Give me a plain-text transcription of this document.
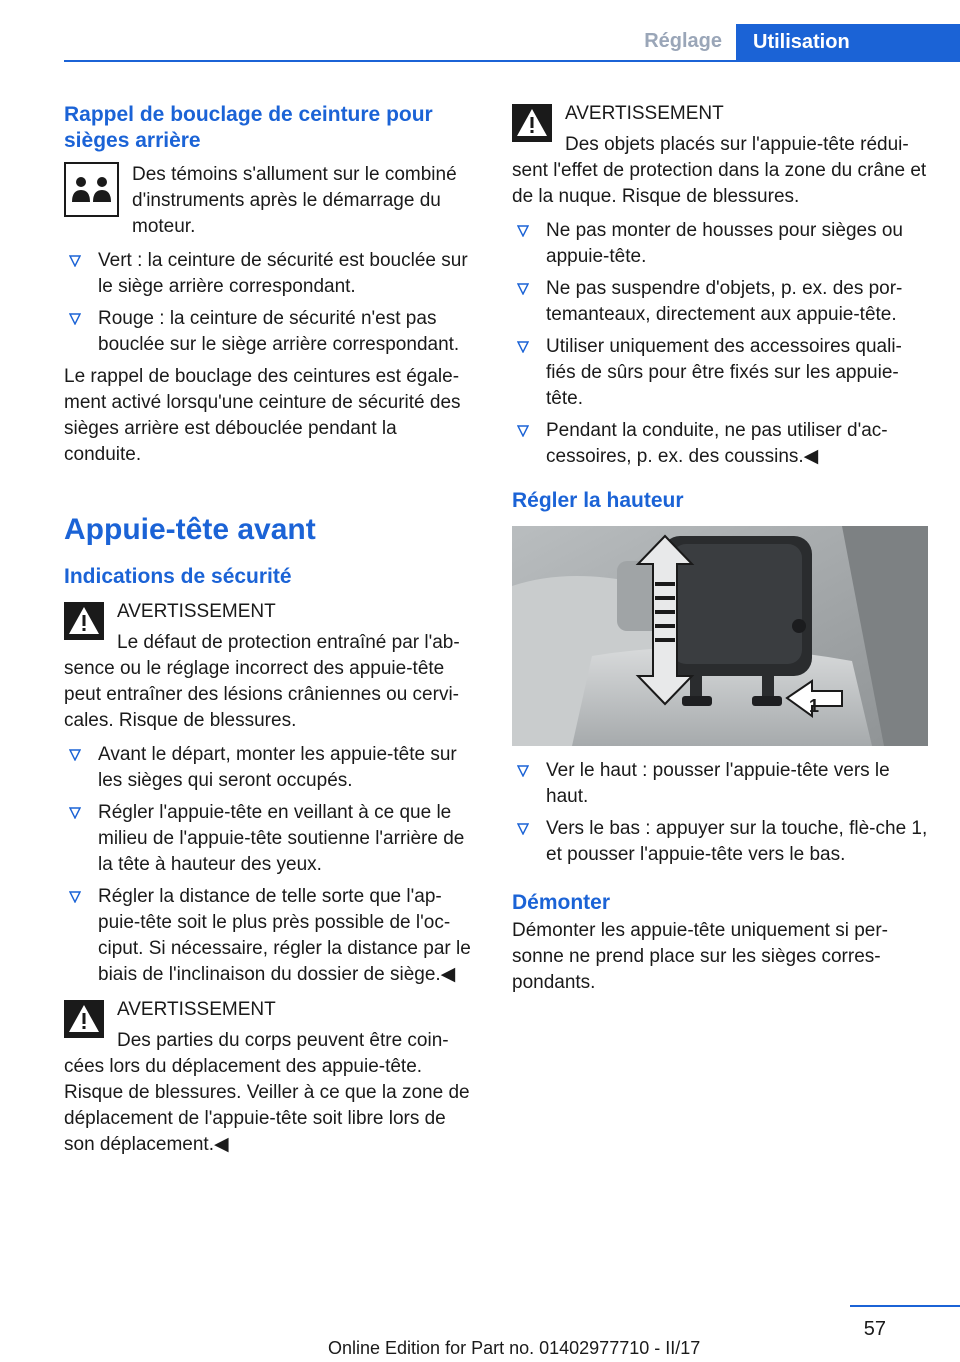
Réglage	Utilisation
Rappel de bouclage de ceinture pour sièges arrière
Des témoins s'allument sur le combiné d'instruments après le démarrage du moteur.
Vert : la ceinture de sécurité est bouclée sur le siège arrière correspondant.
Rouge : la ceinture de sécurité n'est pas bouclée sur le siège arrière correspondant.
Le rappel de bouclage des ceintures est égale‐ment activé lorsqu'une ceinture de sécurité des sièges arrière est débouclée pendant la conduite.
Appuie-tête avant
Indications de sécurité
AVERTISSEMENT
Le défaut de protection entraîné par l'ab‐
sence ou le réglage incorrect des appuie-tête peut entraîner des lésions crâniennes ou cervi‐cales. Risque de blessures.
Avant le départ, monter les appuie-tête sur les sièges qui seront occupés.
Régler l'appuie-tête en veillant à ce que le milieu de l'appuie-tête soutienne l'arrière de la tête à hauteur des yeux.
Régler la distance de telle sorte que l'ap‐puie-tête soit le plus près possible de l'oc‐ciput. Si nécessaire, régler la distance par le biais de l'inclinaison du dossier de siège.◀
AVERTISSEMENT
Des parties du corps peuvent être coin‐
cées lors du déplacement des appuie-tête. Risque de blessures. Veiller à ce que la zone de déplacement de l'appuie-tête soit libre lors de son déplacement.◀
AVERTISSEMENT
Des objets placés sur l'appuie-tête rédui‐
sent l'effet de protection dans la zone du crâne et de la nuque. Risque de blessures.
Ne pas monter de housses pour sièges ou appuie-tête.
Ne pas suspendre d'objets, p. ex. des por‐temanteaux, directement aux appuie-tête.
Utiliser uniquement des accessoires quali‐fiés de sûrs pour être fixés sur les appuie-tête.
Pendant la conduite, ne pas utiliser d'ac‐cessoires, p. ex. des coussins.◀
Régler la hauteur
1
Ver le haut : pousser l'appuie-tête vers le haut.
Vers le bas : appuyer sur la touche, flè‐che 1, et pousser l'appuie-tête vers le bas.
Démonter
Démonter les appuie-tête uniquement si per‐sonne ne prend place sur les sièges corres‐pondants.
57
Online Edition for Part no. 01402977710 - II/17
